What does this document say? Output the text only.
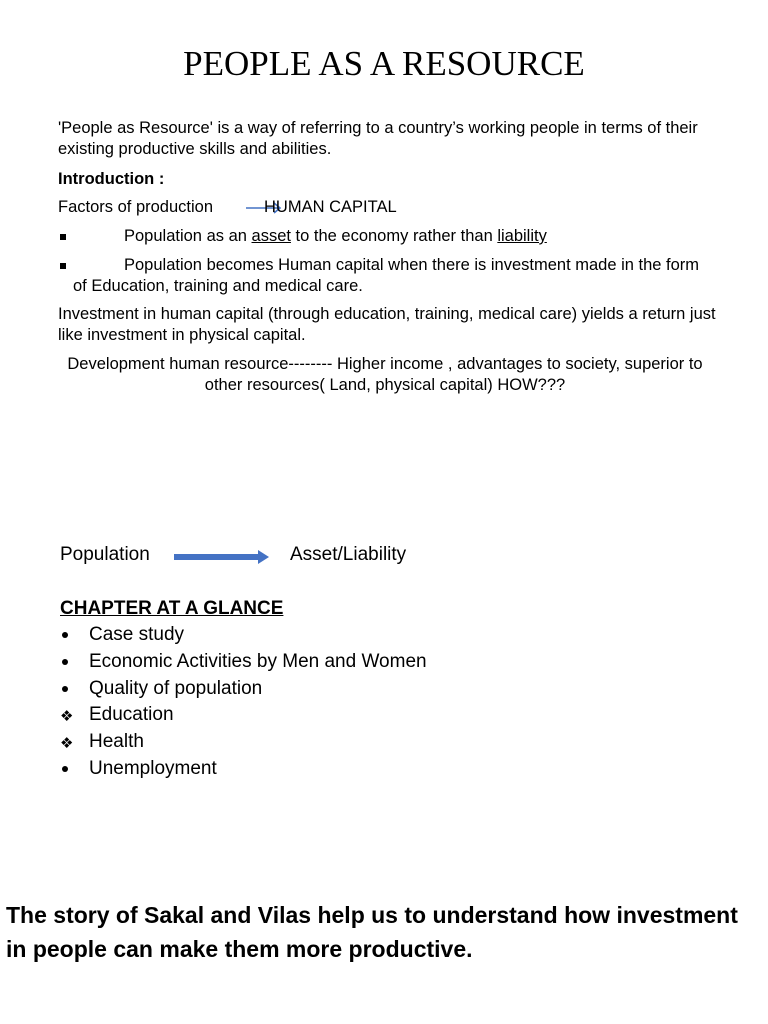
PEOPLE AS A RESOURCE
'People as Resource' is a way of referring to a country’s working people in terms of their existing productive skills and abilities.
Introduction :
Factors of production	HUMAN CAPITAL
Population as an asset to the economy rather than liability
Population becomes Human capital when there is investment made in the form of Education, training and medical care.
Investment in human capital (through education, training, medical care) yields a return just like investment in physical capital.
Development human resource-------- Higher income , advantages to society, superior to other resources( Land, physical capital) HOW???
Population	Asset/Liability
CHAPTER AT A GLANCE
Case study
Economic Activities by Men and Women
Quality of population
❖ Education
❖ Health
Unemployment
The story of Sakal and Vilas help us to understand how investment in people can make them more productive.
